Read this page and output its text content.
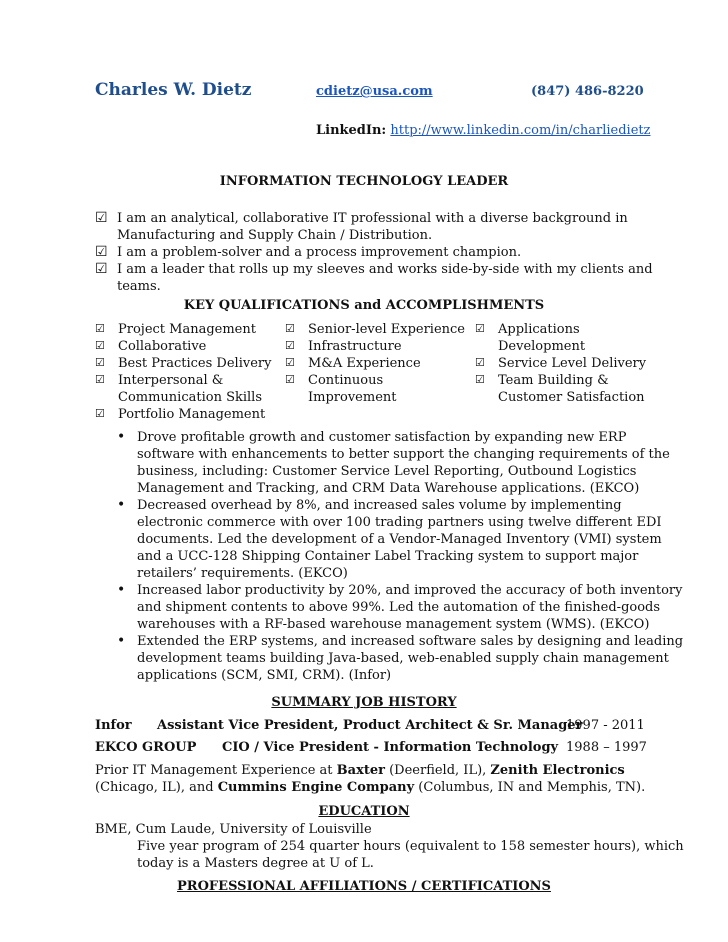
Charles W. Dietz	cdietz@usa.com	(847) 486-8220
LinkedIn: http://www.linkedin.com/in/charliedietz
INFORMATION TECHNOLOGY LEADER
☑ I am an analytical, collaborative IT professional with a diverse background in
Manufacturing and Supply Chain / Distribution.
☑ I am a problem-solver and a process improvement champion.
☑ I am a leader that rolls up my sleeves and works side-by-side with my clients and
teams.
KEY QUALIFICATIONS and ACCOMPLISHMENTS
☑ Project Management
☑ Collaborative
☑ Best Practices Delivery
☑ Interpersonal &
Communication Skills
☑ Portfolio Management
☑ Senior-level Experience
☑ Infrastructure
☑ M&A Experience
☑ Continuous
Improvement
☑ Applications
Development
☑ Service Level Delivery
☑ Team Building &
Customer Satisfaction
• Drove profitable growth and customer satisfaction by expanding new ERP
software with enhancements to better support the changing requirements of the
business, including: Customer Service Level Reporting, Outbound Logistics
Management and Tracking, and CRM Data Warehouse applications. (EKCO)
• Decreased overhead by 8%, and increased sales volume by implementing
electronic commerce with over 100 trading partners using twelve different EDI
documents. Led the development of a Vendor-Managed Inventory (VMI) system
and a UCC-128 Shipping Container Label Tracking system to support major
retailers’ requirements. (EKCO)
• Increased labor productivity by 20%, and improved the accuracy of both inventory
and shipment contents to above 99%. Led the automation of the finished-goods
warehouses with a RF-based warehouse management system (WMS). (EKCO)
• Extended the ERP systems, and increased software sales by designing and leading
development teams building Java-based, web-enabled supply chain management
applications (SCM, SMI, CRM). (Infor)
SUMMARY JOB HISTORY
Infor Assistant Vice President, Product Architect & Sr. Manager
1997 - 2011
EKCO GROUP CIO / Vice President - Information Technology 1988 – 1997
Prior IT Management Experience at Baxter (Deerfield, IL), Zenith Electronics
(Chicago, IL), and Cummins Engine Company (Columbus, IN and Memphis, TN).
EDUCATION
BME, Cum Laude, University of Louisville
Five year program of 254 quarter hours (equivalent to 158 semester hours), which
today is a Masters degree at U of L.
PROFESSIONAL AFFILIATIONS / CERTIFICATIONS
